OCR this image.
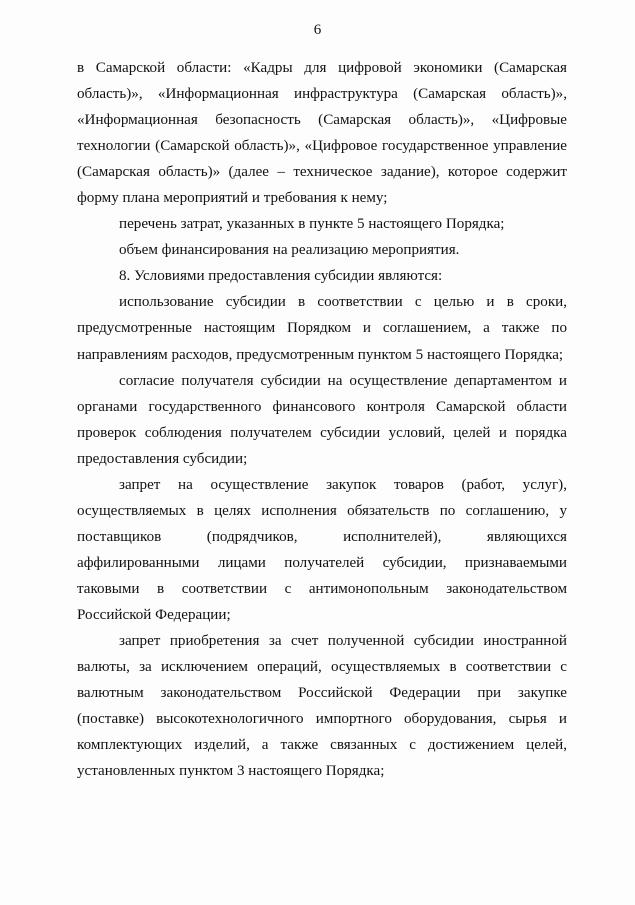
6

в Самарской области: «Кадры для цифровой экономики (Самарская область)», «Информационная инфраструктура (Самарская область)», «Информационная безопасность (Самарская область)», «Цифровые технологии (Самарской область)», «Цифровое государственное управление (Самарская область)» (далее – техническое задание), которое содержит форму плана мероприятий и требования к нему;

перечень затрат, указанных в пункте 5 настоящего Порядка;

объем финансирования на реализацию мероприятия.

8. Условиями предоставления субсидии являются:

использование субсидии в соответствии с целью и в сроки, предусмотренные настоящим Порядком и соглашением, а также по направлениям расходов, предусмотренным пунктом 5 настоящего Порядка;

согласие получателя субсидии на осуществление департаментом и органами государственного финансового контроля Самарской области проверок соблюдения получателем субсидии условий, целей и порядка предоставления субсидии;

запрет на осуществление закупок товаров (работ, услуг), осуществляемых в целях исполнения обязательств по соглашению, у поставщиков (подрядчиков, исполнителей), являющихся аффилированными лицами получателей субсидии, признаваемыми таковыми в соответствии с антимонопольным законодательством Российской Федерации;

запрет приобретения за счет полученной субсидии иностранной валюты, за исключением операций, осуществляемых в соответствии с валютным законодательством Российской Федерации при закупке (поставке) высокотехнологичного импортного оборудования, сырья и комплектующих изделий, а также связанных с достижением целей, установленных пунктом 3 настоящего Порядка;
